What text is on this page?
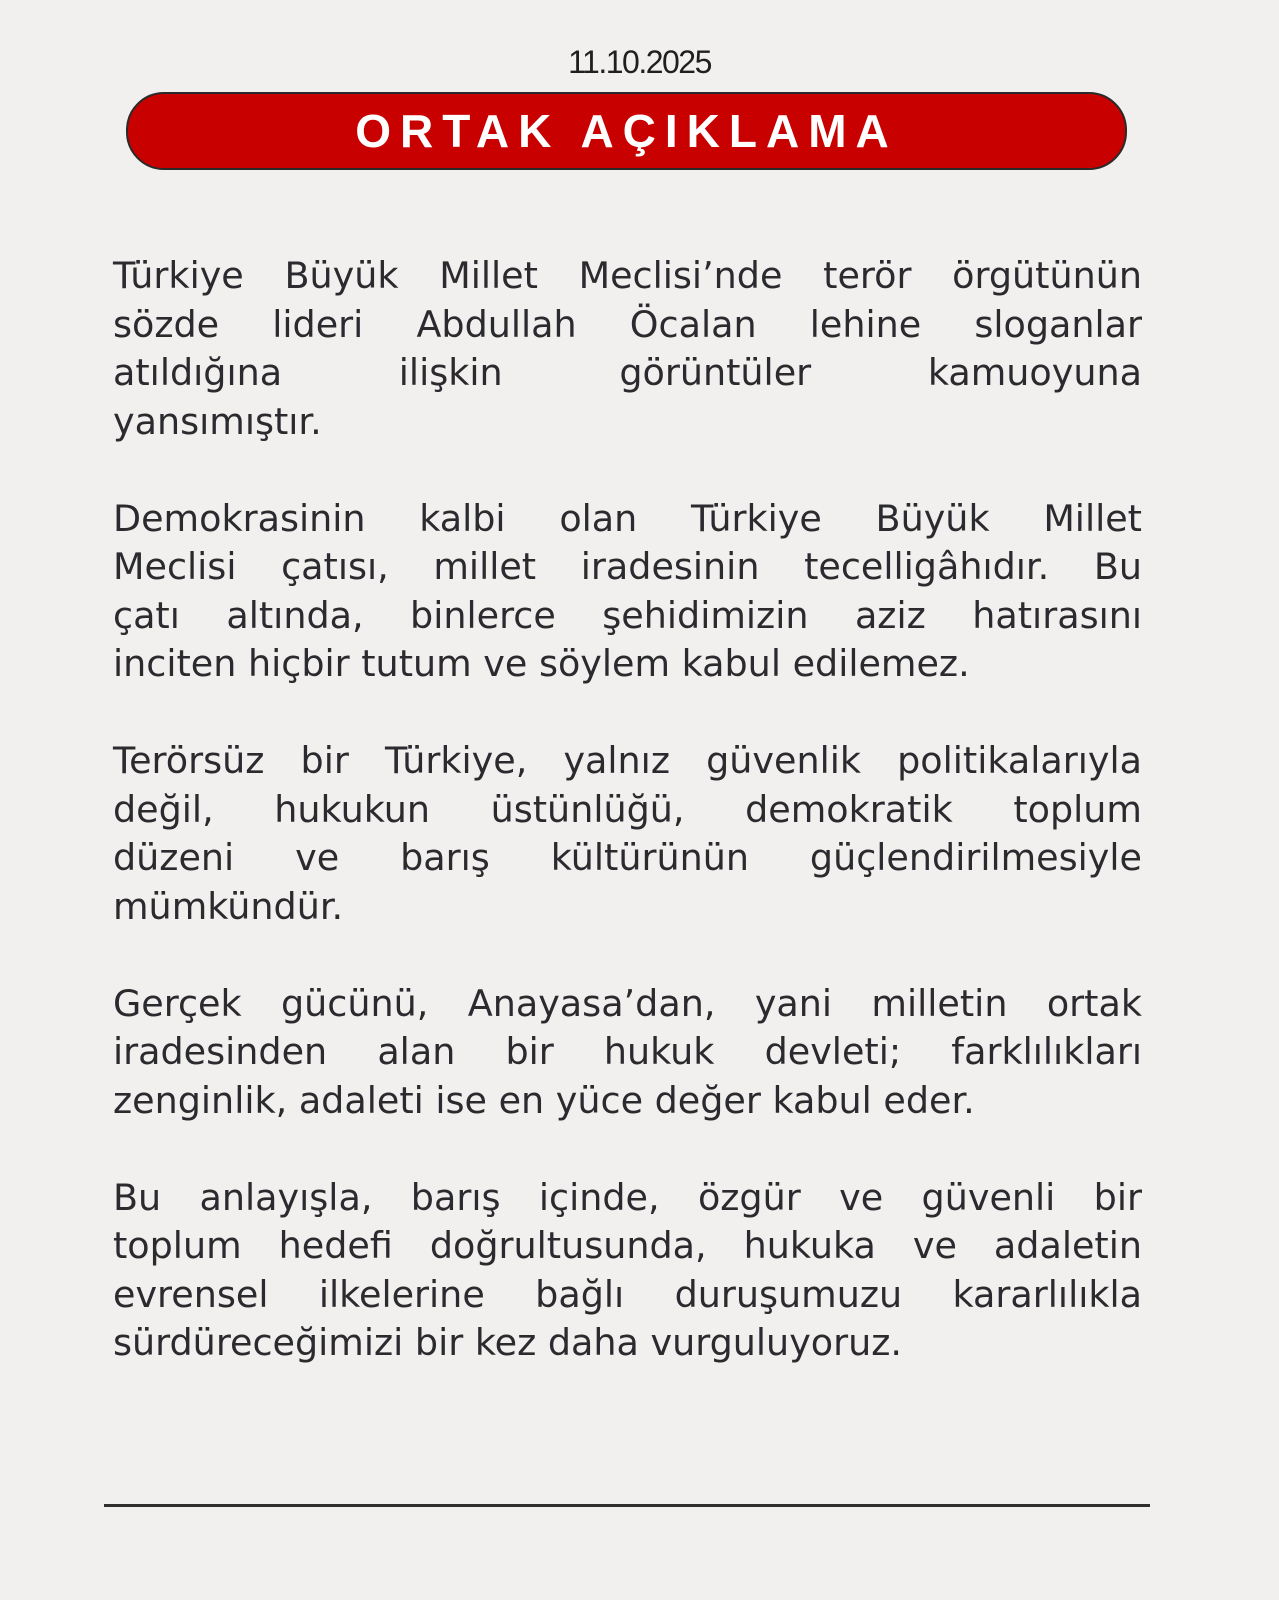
11.10.2025
ORTAK AÇIKLAMA
Türkiye Büyük Millet Meclisi’nde terör örgütünün
sözde lideri Abdullah Öcalan lehine sloganlar
atıldığına ilişkin görüntüler kamuoyuna
yansımıştır.
Demokrasinin kalbi olan Türkiye Büyük Millet
Meclisi çatısı, millet iradesinin tecelligâhıdır. Bu
çatı altında, binlerce şehidimizin aziz hatırasını
inciten hiçbir tutum ve söylem kabul edilemez.
Terörsüz bir Türkiye, yalnız güvenlik politikalarıyla
değil, hukukun üstünlüğü, demokratik toplum
düzeni ve barış kültürünün güçlendirilmesiyle
mümkündür.
Gerçek gücünü, Anayasa’dan, yani milletin ortak
iradesinden alan bir hukuk devleti; farklılıkları
zenginlik, adaleti ise en yüce değer kabul eder.
Bu anlayışla, barış içinde, özgür ve güvenli bir
toplum hedefi doğrultusunda, hukuka ve adaletin
evrensel ilkelerine bağlı duruşumuzu kararlılıkla
sürdüreceğimizi bir kez daha vurguluyoruz.
